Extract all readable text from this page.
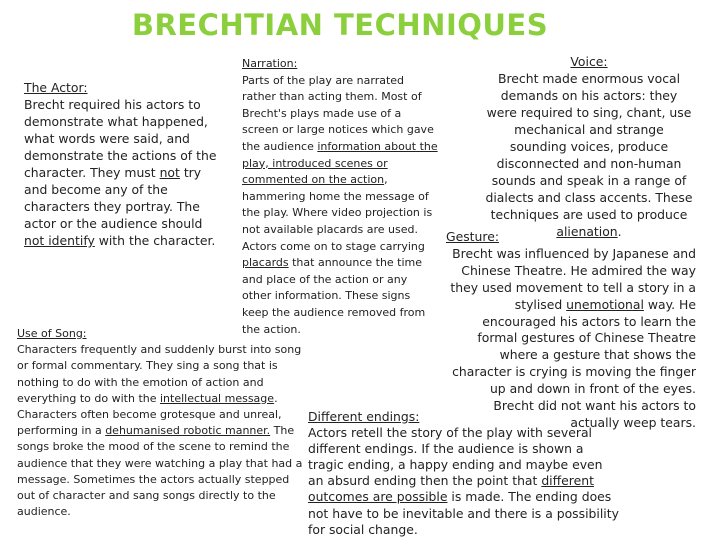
BRECHTIAN TECHNIQUES

The Actor:

Brecht required his actors to demonstrate what happened, what words were said, and demonstrate the actions of the character. They must not try and become any of the characters they portray. The actor or the audience should not identify with the character.

Narration:

Parts of the play are narrated rather than acting them. Most of Brecht's plays made use of a screen or large notices which gave the audience information about the play, introduced scenes or commented on the action, hammering home the message of the play. Where video projection is not available placards are used. Actors come on to stage carrying placards that announce the time and place of the action or any other information. These signs keep the audience removed from the action.

Voice:

Brecht made enormous vocal demands on his actors: they were required to sing, chant, use mechanical and strange sounding voices, produce disconnected and non-human sounds and speak in a range of dialects and class accents. These techniques are used to produce alienation.

Gesture:

Brecht was influenced by Japanese and Chinese Theatre. He admired the way they used movement to tell a story in a stylised unemotional way. He encouraged his actors to learn the formal gestures of Chinese Theatre where a gesture that shows the character is crying is moving the finger up and down in front of the eyes. Brecht did not want his actors to actually weep tears.

Use of Song:

Characters frequently and suddenly burst into song or formal commentary. They sing a song that is nothing to do with the emotion of action and everything to do with the intellectual message. Characters often become grotesque and unreal, performing in a dehumanised robotic manner. The songs broke the mood of the scene to remind the audience that they were watching a play that had a message. Sometimes the actors actually stepped out of character and sang songs directly to the audience.

Different endings:

Actors retell the story of the play with several different endings. If the audience is shown a tragic ending, a happy ending and maybe even an absurd ending then the point that different outcomes are possible is made. The ending does not have to be inevitable and there is a possibility for social change.
